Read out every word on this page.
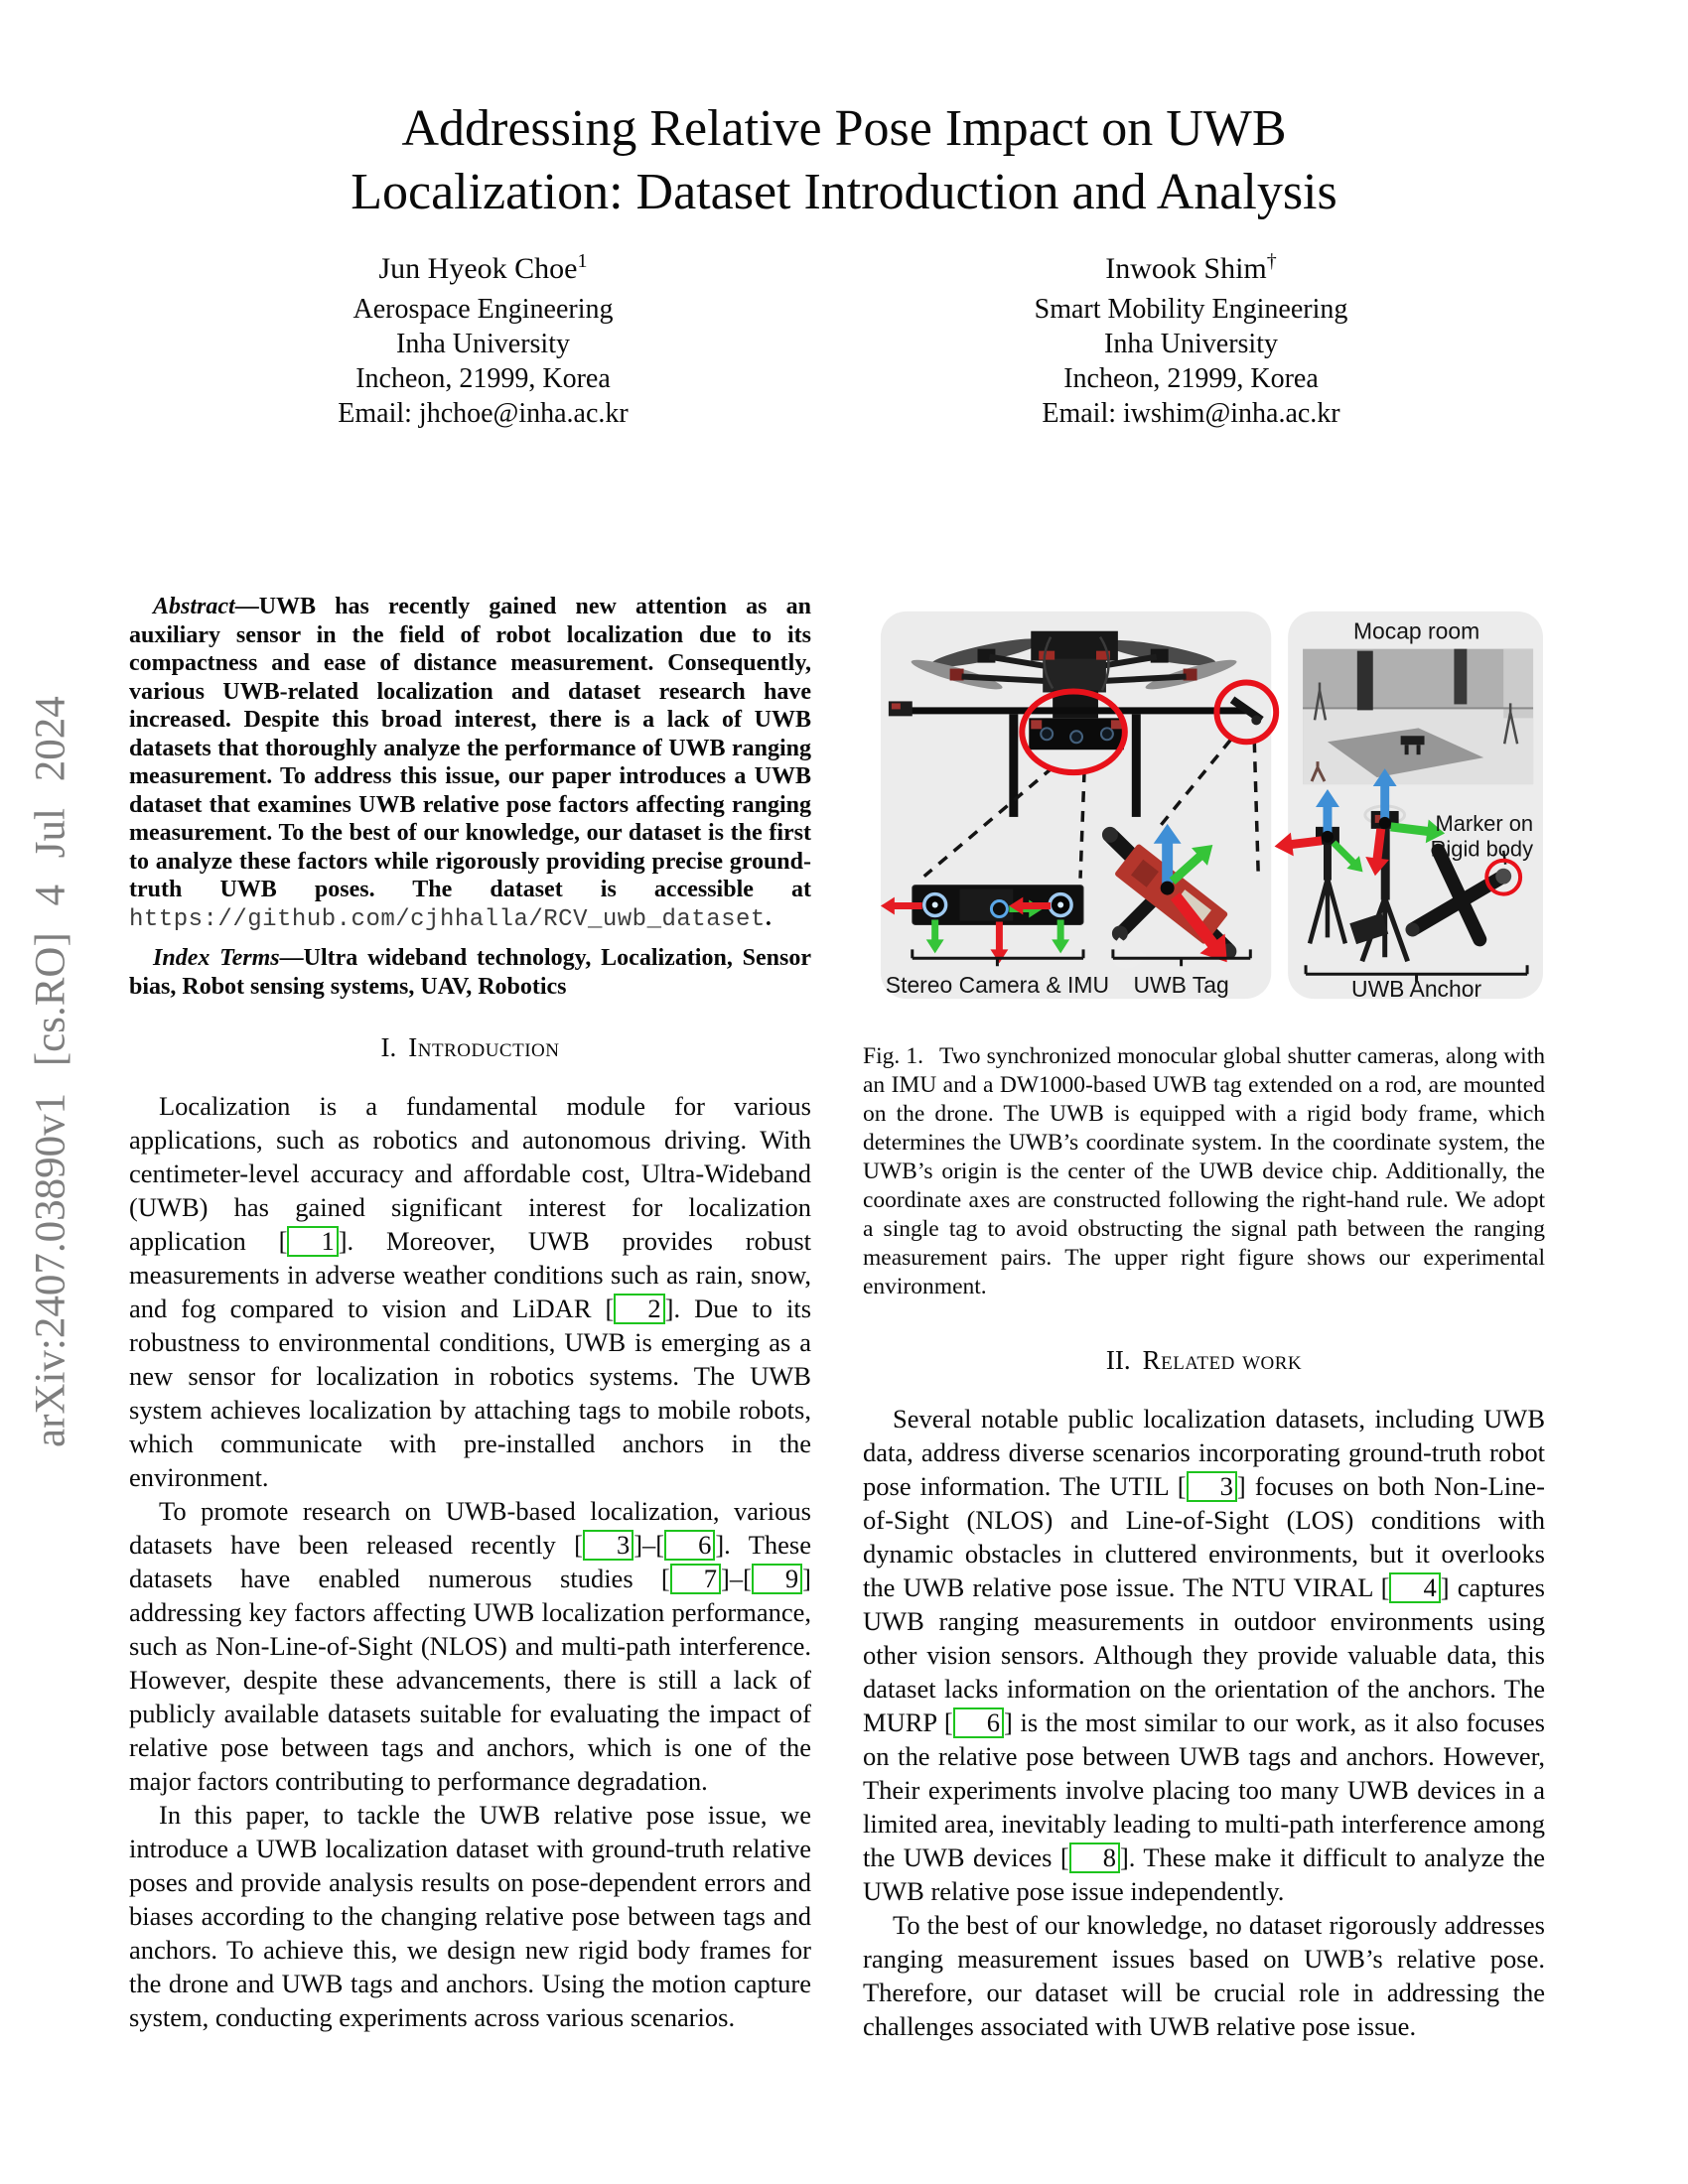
arXiv:2407.03890v1 [cs.RO] 4 Jul 2024
Addressing Relative Pose Impact on UWB
Localization: Dataset Introduction and Analysis
Jun Hyeok Choe$^1$
Aerospace Engineering
Inha University
Incheon, 21999, Korea
Email: jhchoe@inha.ac.kr
Inwook Shim†
Smart Mobility Engineering
Inha University
Incheon, 21999, Korea
Email: iwshim@inha.ac.kr

Abstract—UWB has recently gained new attention as an auxiliary sensor in the field of robot localization due to its compactness and ease of distance measurement. Consequently, various UWB-related localization and dataset research have increased. Despite this broad interest, there is a lack of UWB datasets that thoroughly analyze the performance of UWB ranging measurement. To address this issue, our paper introduces a UWB dataset that examines UWB relative pose factors affecting ranging measurement. To the best of our knowledge, our dataset is the first to analyze these factors while rigorously providing precise ground-truth UWB poses. The dataset is accessible at https://github.com/cjhhalla/RCV_uwb_dataset.

Index Terms—Ultra wideband technology, Localization, Sensor bias, Robot sensing systems, UAV, Robotics

I. Introduction

Localization is a fundamental module for various applications, such as robotics and autonomous driving. With centimeter-level accuracy and affordable cost, Ultra-Wideband (UWB) has gained significant interest for localization application [ 1 ]. Moreover, UWB provides robust measurements in adverse weather conditions such as rain, snow, and fog compared to vision and LiDAR [ 2 ]. Due to its robustness to environmental conditions, UWB is emerging as a new sensor for localization in robotics systems. The UWB system achieves localization by attaching tags to mobile robots, which communicate with pre-installed anchors in the environment.

To promote research on UWB-based localization, various datasets have been released recently [ 3 ]–[ 6 ]. These datasets have enabled numerous studies [ 7 ]–[ 9 ] addressing key factors affecting UWB localization performance, such as Non-Line-of-Sight (NLOS) and multi-path interference. However, despite these advancements, there is still a lack of publicly available datasets suitable for evaluating the impact of relative pose between tags and anchors, which is one of the major factors contributing to performance degradation.

In this paper, to tackle the UWB relative pose issue, we introduce a UWB localization dataset with ground-truth relative poses and provide analysis results on pose-dependent errors and biases according to the changing relative pose between tags and anchors. To achieve this, we design new rigid body frames for the drone and UWB tags and anchors. Using the motion capture system, conducting experiments across various scenarios.

Mocap room
Marker on
Rigid body
Stereo Camera & IMU UWB Tag	UWB Anchor
Fig. 1. Two synchronized monocular global shutter cameras, along with an IMU and a DW1000-based UWB tag extended on a rod, are mounted on the drone. The UWB is equipped with a rigid body frame, which determines the UWB’s coordinate system. In the coordinate system, the UWB’s origin is the center of the UWB device chip. Additionally, the coordinate axes are constructed following the right-hand rule. We adopt a single tag to avoid obstructing the signal path between the ranging measurement pairs. The upper right figure shows our experimental environment.
II. Related work

Several notable public localization datasets, including UWB data, address diverse scenarios incorporating ground-truth robot pose information. The UTIL [ 3 ] focuses on both Non-Line-of-Sight (NLOS) and Line-of-Sight (LOS) conditions with dynamic obstacles in cluttered environments, but it overlooks the UWB relative pose issue. The NTU VIRAL [ 4 ] captures UWB ranging measurements in outdoor environments using other vision sensors. Although they provide valuable data, this dataset lacks information on the orientation of the anchors. The MURP [ 6 ] is the most similar to our work, as it also focuses on the relative pose between UWB tags and anchors. However, Their experiments involve placing too many UWB devices in a limited area, inevitably leading to multi-path interference among the UWB devices [ 8 ]. These make it difficult to analyze the UWB relative pose issue independently.

To the best of our knowledge, no dataset rigorously addresses ranging measurement issues based on UWB’s relative pose. Therefore, our dataset will be crucial role in addressing the challenges associated with UWB relative pose issue.
